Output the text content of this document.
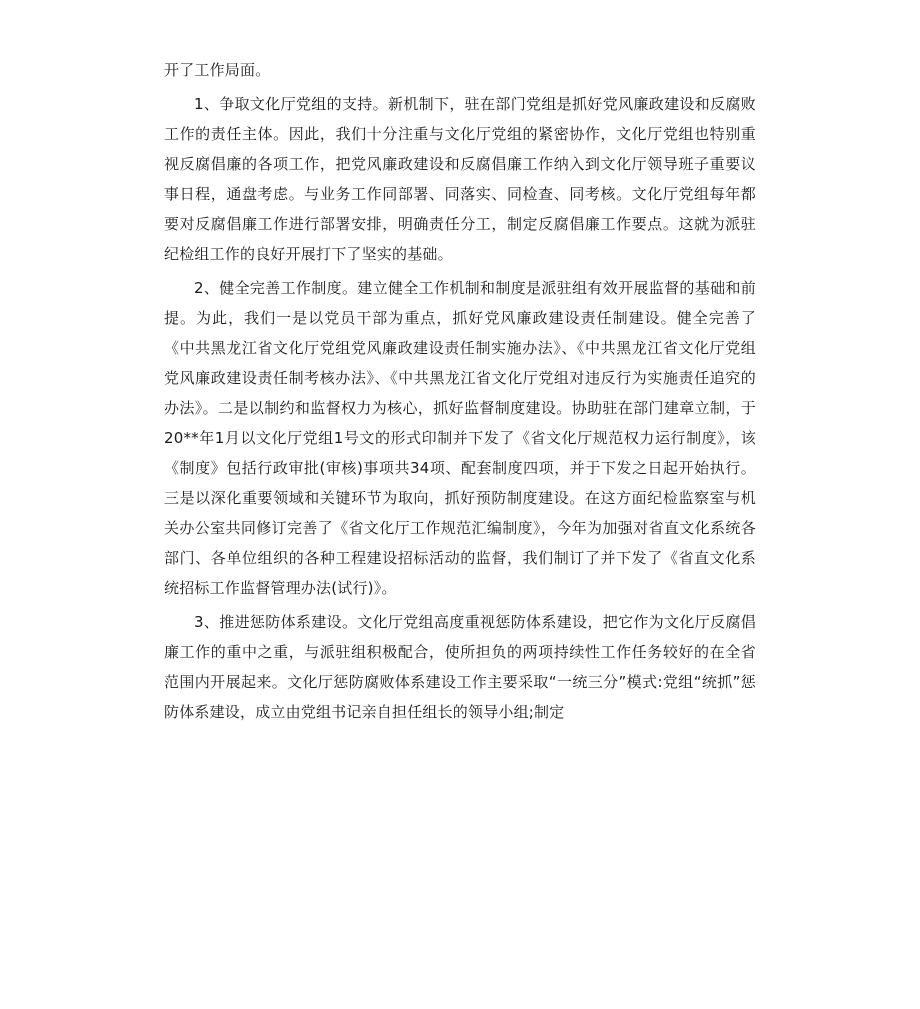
开了工作局面。

1、争取文化厅党组的支持。新机制下，驻在部门党组是抓好党风廉政建设和反腐败工作的责任主体。因此，我们十分注重与文化厅党组的紧密协作，文化厅党组也特别重视反腐倡廉的各项工作，把党风廉政建设和反腐倡廉工作纳入到文化厅领导班子重要议事日程，通盘考虑。与业务工作同部署、同落实、同检查、同考核。文化厅党组每年都要对反腐倡廉工作进行部署安排，明确责任分工，制定反腐倡廉工作要点。这就为派驻纪检组工作的良好开展打下了坚实的基础。

2、健全完善工作制度。建立健全工作机制和制度是派驻组有效开展监督的基础和前提。为此，我们一是以党员干部为重点，抓好党风廉政建设责任制建设。健全完善了《中共黑龙江省文化厅党组党风廉政建设责任制实施办法》、《中共黑龙江省文化厅党组党风廉政建设责任制考核办法》、《中共黑龙江省文化厅党组对违反行为实施责任追究的办法》。二是以制约和监督权力为核心，抓好监督制度建设。协助驻在部门建章立制，于20**年1月以文化厅党组1号文的形式印制并下发了《省文化厅规范权力运行制度》，该《制度》包括行政审批(审核)事项共34项、配套制度四项，并于下发之日起开始执行。三是以深化重要领域和关键环节为取向，抓好预防制度建设。在这方面纪检监察室与机关办公室共同修订完善了《省文化厅工作规范汇编制度》，今年为加强对省直文化系统各部门、各单位组织的各种工程建设招标活动的监督，我们制订了并下发了《省直文化系统招标工作监督管理办法(试行)》。

3、推进惩防体系建设。文化厅党组高度重视惩防体系建设，把它作为文化厅反腐倡廉工作的重中之重，与派驻组积极配合，使所担负的两项持续性工作任务较好的在全省范围内开展起来。文化厅惩防腐败体系建设工作主要采取“一统三分”模式:党组“统抓”惩防体系建设，成立由党组书记亲自担任组长的领导小组;制定
